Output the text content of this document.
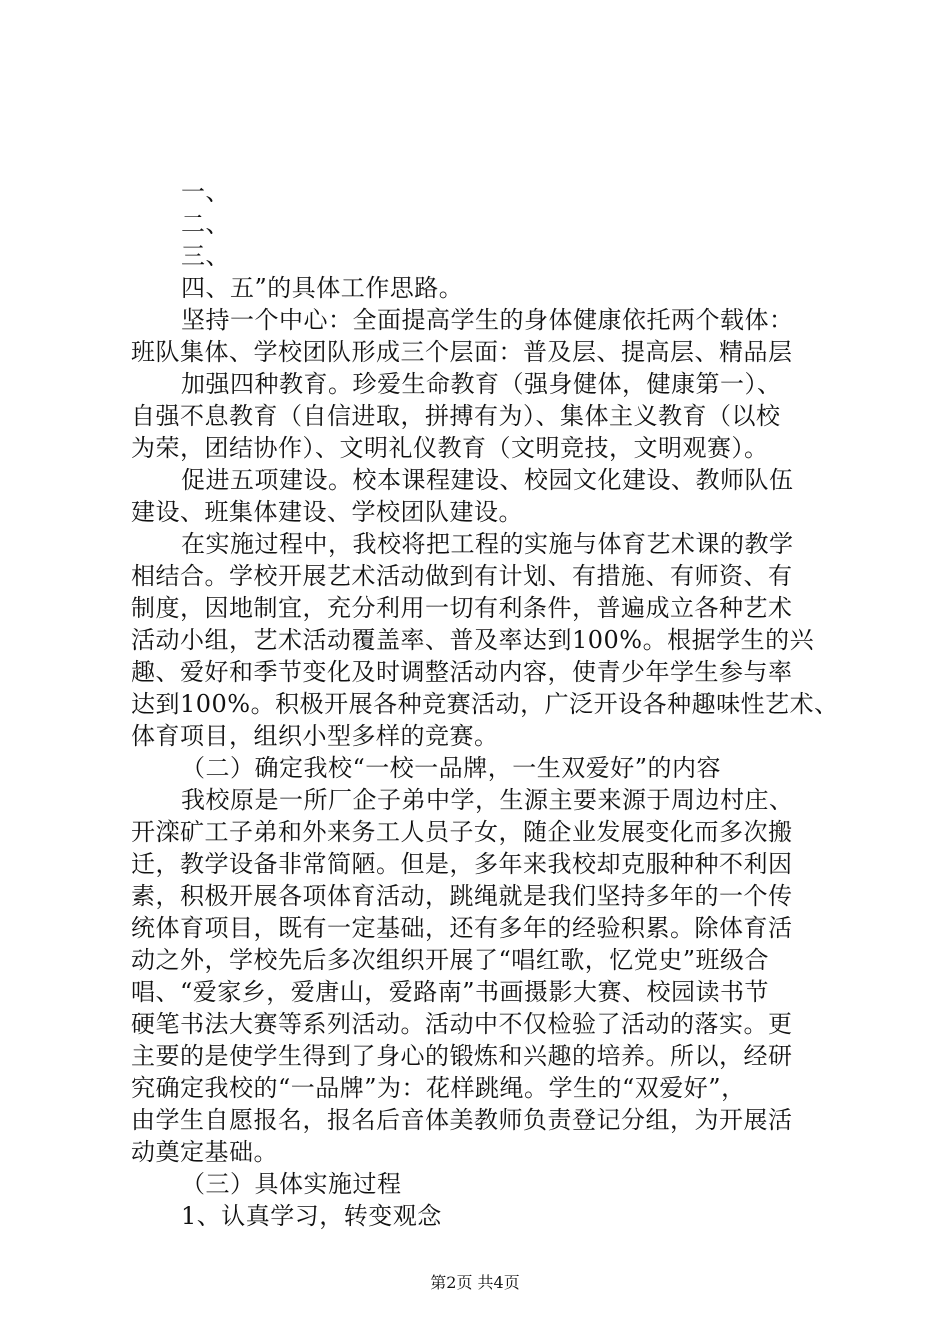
一、
二、
三、
四、五”的具体工作思路。
坚持一个中心：全面提高学生的身体健康依托两个载体：
班队集体、学校团队形成三个层面：普及层、提高层、精品层
加强四种教育。珍爱生命教育（强身健体，健康第一）、
自强不息教育（自信进取，拼搏有为）、集体主义教育（以校
为荣，团结协作）、文明礼仪教育（文明竞技，文明观赛）。
促进五项建设。校本课程建设、校园文化建设、教师队伍
建设、班集体建设、学校团队建设。
在实施过程中，我校将把工程的实施与体育艺术课的教学
相结合。学校开展艺术活动做到有计划、有措施、有师资、有
制度，因地制宜，充分利用一切有利条件，普遍成立各种艺术
活动小组，艺术活动覆盖率、普及率达到100%。根据学生的兴
趣、爱好和季节变化及时调整活动内容，使青少年学生参与率
达到100%。积极开展各种竞赛活动，广泛开设各种趣味性艺术、
体育项目，组织小型多样的竞赛。
（二）确定我校“一校一品牌，一生双爱好”的内容
我校原是一所厂企子弟中学，生源主要来源于周边村庄、
开滦矿工子弟和外来务工人员子女，随企业发展变化而多次搬
迁，教学设备非常简陋。但是，多年来我校却克服种种不利因
素，积极开展各项体育活动，跳绳就是我们坚持多年的一个传
统体育项目，既有一定基础，还有多年的经验积累。除体育活
动之外，学校先后多次组织开展了“唱红歌，忆党史”班级合
唱、“爱家乡，爱唐山，爱路南”书画摄影大赛、校园读书节
硬笔书法大赛等系列活动。活动中不仅检验了活动的落实。更
主要的是使学生得到了身心的锻炼和兴趣的培养。所以，经研
究确定我校的“一品牌”为：花样跳绳。学生的“双爱好”，
由学生自愿报名，报名后音体美教师负责登记分组，为开展活
动奠定基础。
（三）具体实施过程
1、认真学习，转变观念
第2页 共4页
